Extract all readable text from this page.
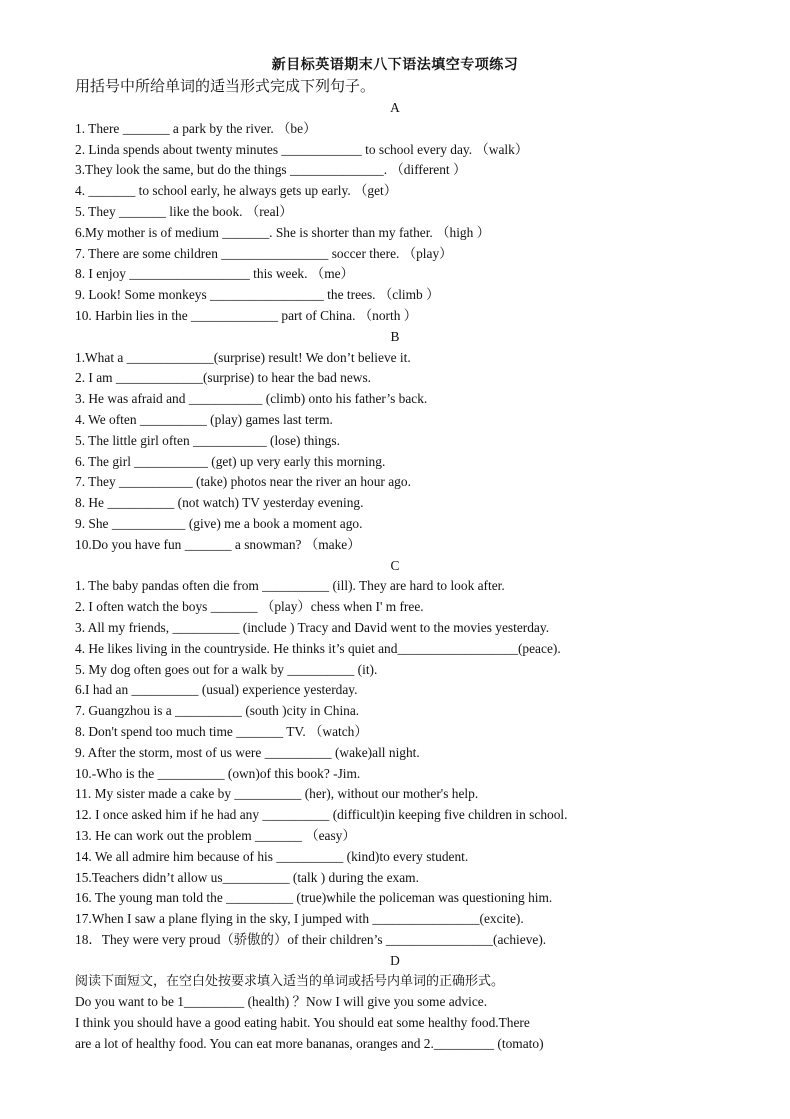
新目标英语期末八下语法填空专项练习
用括号中所给单词的适当形式完成下列句子。
A
1. There _______ a park by the river. （be）
2. Linda spends about twenty minutes ____________ to school every day. （walk）
3.They look the same, but do the things ______________. （different ）
4. _______ to school early, he always gets up early. （get）
5. They _______ like the book. （real）
6.My mother is of medium _______. She is shorter than my father. （high ）
7. There are some children ________________ soccer there. （play）
8. I enjoy __________________ this week. （me）
9. Look! Some monkeys _________________ the trees. （climb ）
10. Harbin lies in the _____________ part of China. （north ）
B
1.What a _____________(surprise) result! We don’t believe it.
2. I am _____________(surprise) to hear the bad news.
3. He was afraid and ___________ (climb) onto his father’s back.
4. We often __________ (play) games last term.
5. The little girl often ___________ (lose) things.
6. The girl ___________ (get) up very early this morning.
7. They ___________ (take) photos near the river an hour ago.
8. He __________ (not watch) TV yesterday evening.
9. She ___________ (give) me a book a moment ago.
10.Do you have fun _______ a snowman? （make）
C
1. The baby pandas often die from __________ (ill). They are hard to look after.
2. I often watch the boys _______ （play）chess when I' m free.
3. All my friends, __________ (include ) Tracy and David went to the movies yesterday.
4. He likes living in the countryside. He thinks it’s quiet and__________________(peace).
5. My dog often goes out for a walk by __________ (it).
6.I had an __________ (usual) experience yesterday.
7. Guangzhou is a __________ (south )city in China.
8. Don't spend too much time _______ TV. （watch）
9. After the storm, most of us were __________ (wake)all night.
10.-Who is the __________ (own)of this book? -Jim.
11. My sister made a cake by __________ (her), without our mother's help.
12. I once asked him if he had any __________ (difficult)in keeping five children in school.
13. He can work out the problem _______ （easy）
14. We all admire him because of his __________ (kind)to every student.
15.Teachers didn’t allow us__________ (talk ) during the exam.
16. The young man told the __________ (true)while the policeman was questioning him.
17.When I saw a plane flying in the sky, I jumped with ________________(excite).
18．They were very proud（骄傲的）of their children’s ________________(achieve).
D
阅读下面短文，在空白处按要求填入适当的单词或括号内单词的正确形式。
Do you want to be 1_________ (health) ？Now I will give you some advice.
I think you should have a good eating habit. You should eat some healthy food.There
are a lot of healthy food. You can eat more bananas, oranges and 2._________ (tomato)
